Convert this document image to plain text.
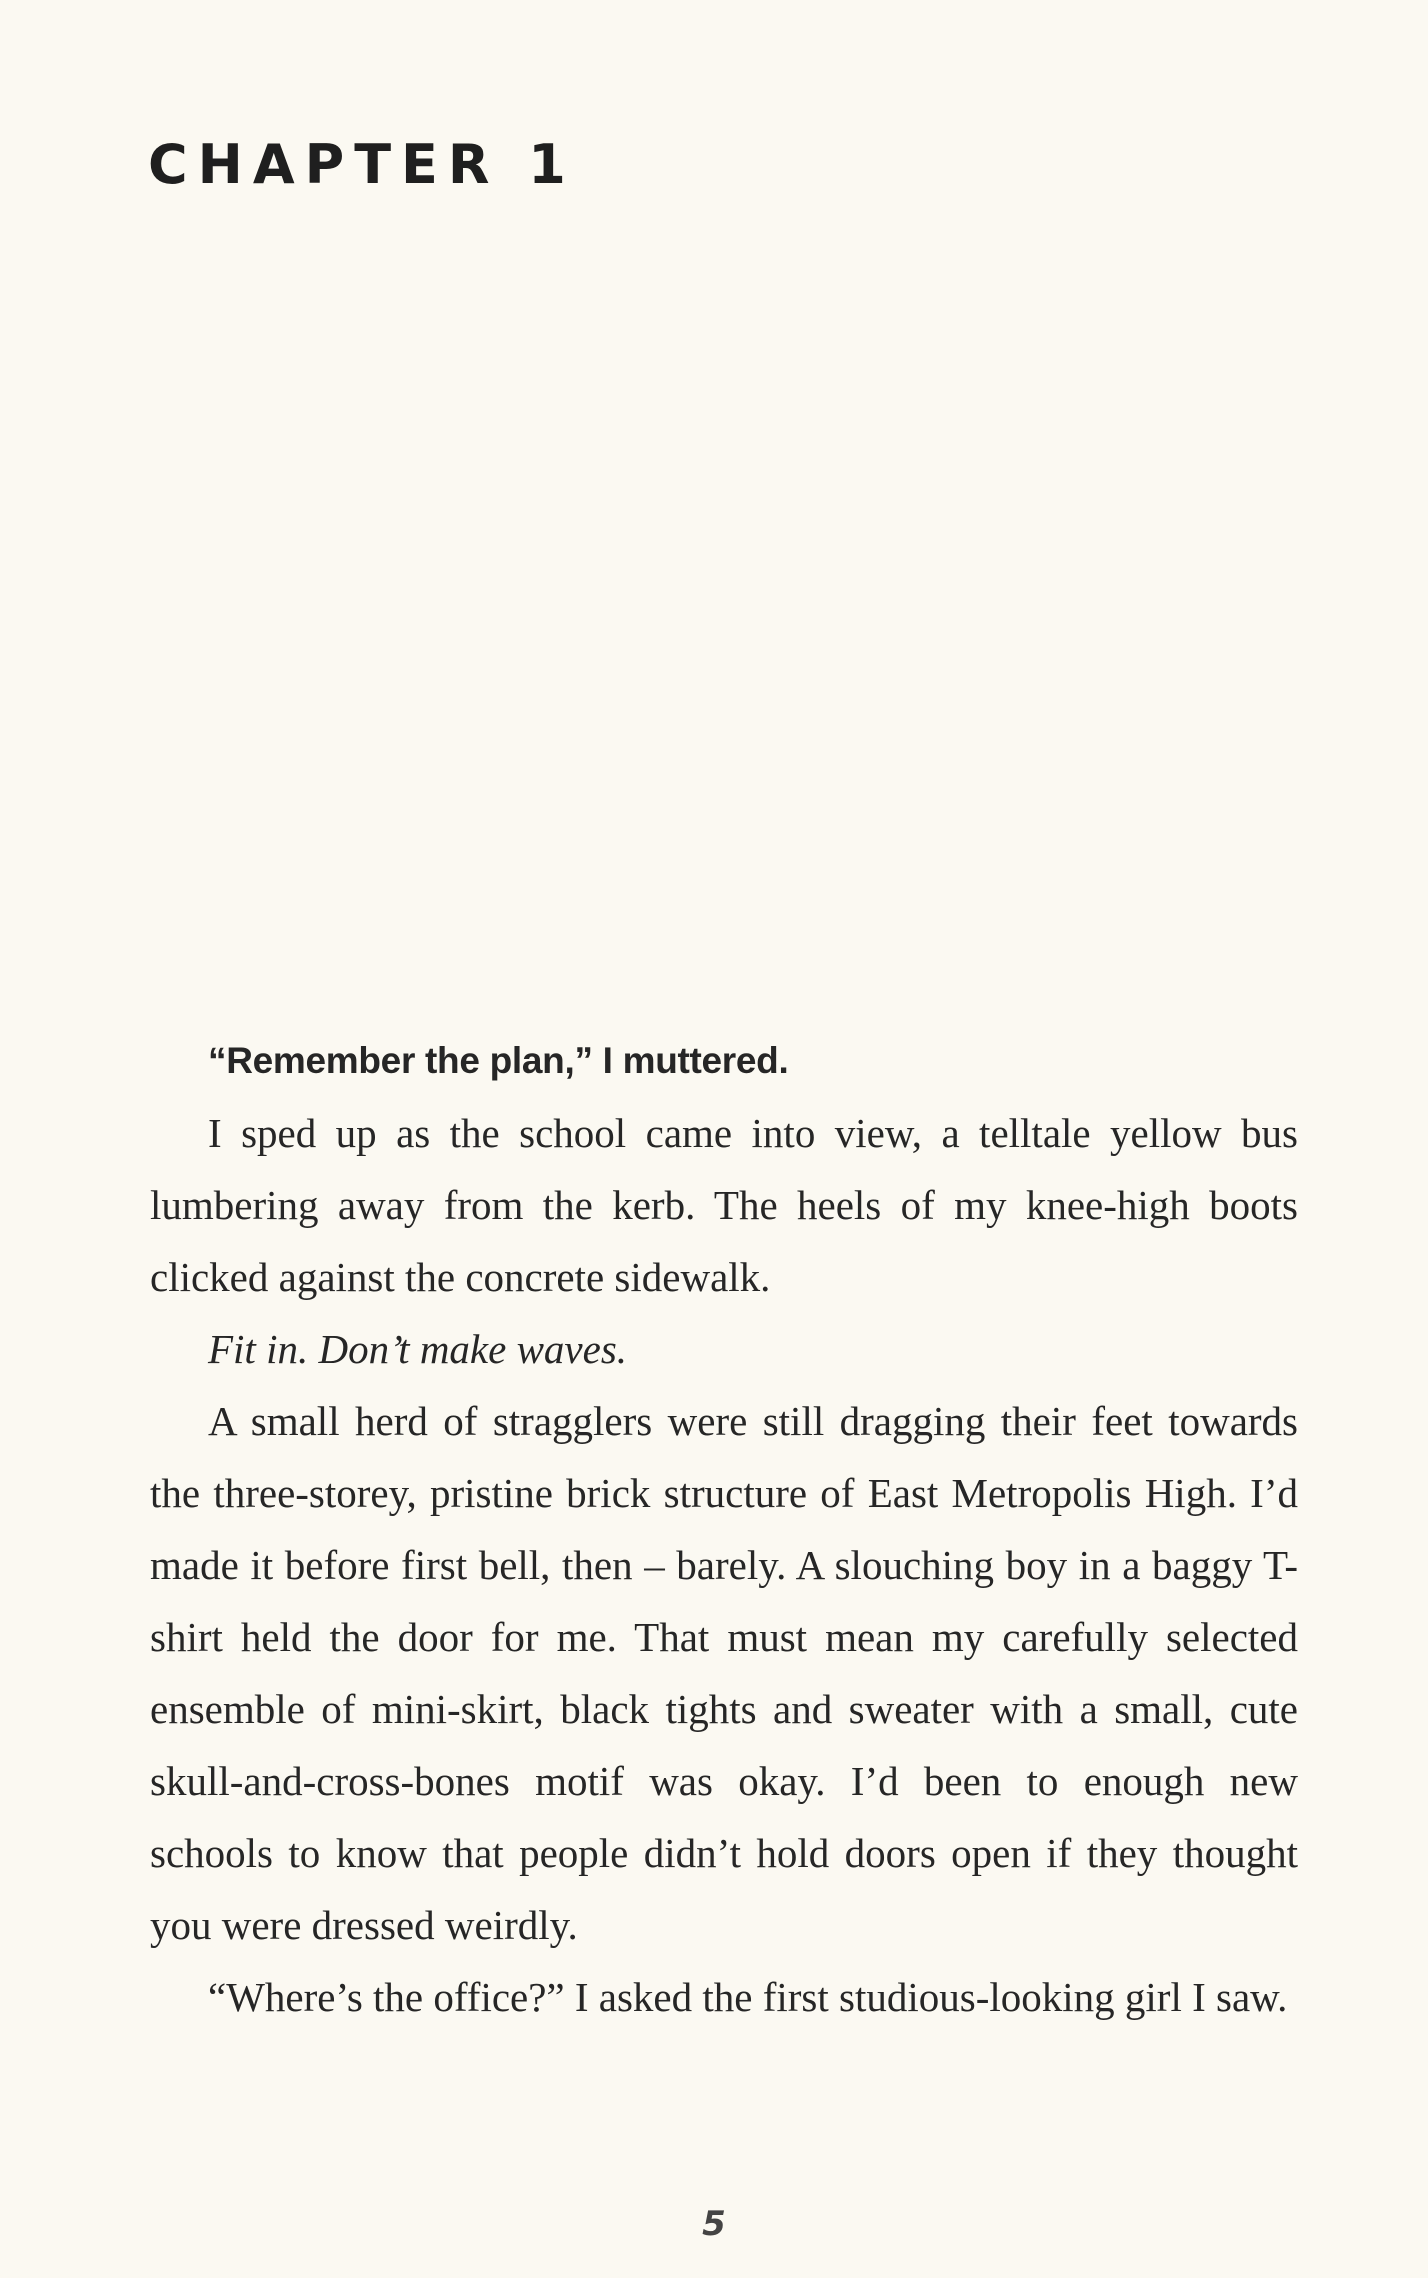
CHAPTER 1

“Remember the plan,” I muttered.

I sped up as the school came into view, a telltale yellow bus lumbering away from the kerb. The heels of my knee-high boots clicked against the concrete sidewalk.

Fit in. Don’t make waves.

A small herd of stragglers were still dragging their feet towards the three-storey, pristine brick structure of East Metropolis High. I’d made it before first bell, then – barely. A slouching boy in a baggy T-shirt held the door for me. That must mean my carefully selected ensemble of mini-skirt, black tights and sweater with a small, cute skull-and-cross-bones motif was okay. I’d been to enough new schools to know that people didn’t hold doors open if they thought you were dressed weirdly.

“Where’s the office?” I asked the first studious-looking girl I saw.

5
